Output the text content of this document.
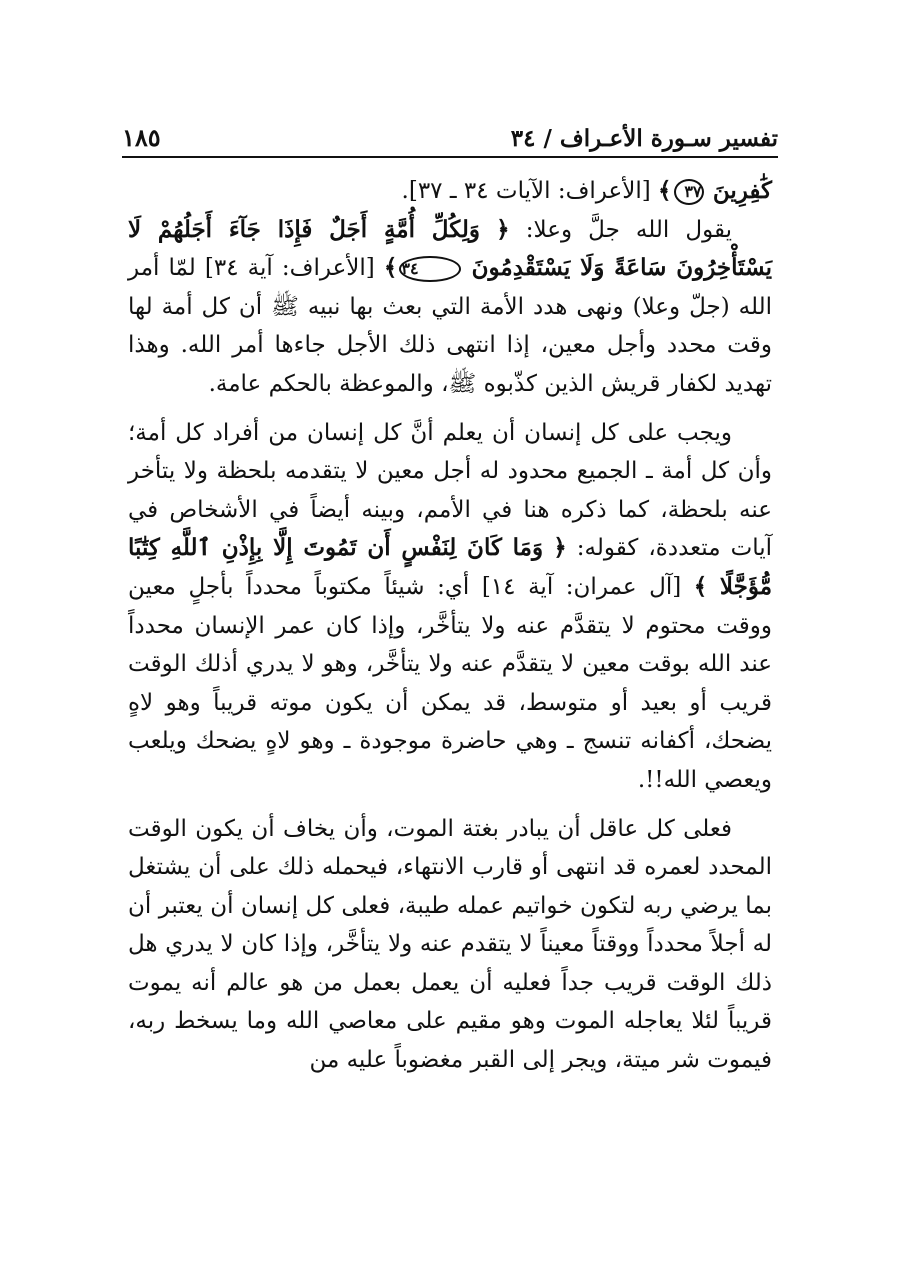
تفسير سـورة الأعـراف / ٣٤
١٨٥

كَٰفِرِينَ ٣٧﴾ [الأعراف: الآيات ٣٤ ـ ٣٧].

يقول الله جلَّ وعلا: ﴿ وَلِكُلِّ أُمَّةٍ أَجَلٌ فَإِذَا جَآءَ أَجَلُهُمْ لَا يَسْتَأْخِرُونَ سَاعَةً وَلَا يَسْتَقْدِمُونَ ٣٤﴾ [الأعراف: آية ٣٤] لمّا أمر الله (جلّ وعلا) ونهى هدد الأمة التي بعث بها نبيه ﷺ أن كل أمة لها وقت محدد وأجل معين، إذا انتهى ذلك الأجل جاءها أمر الله. وهذا تهديد لكفار قريش الذين كذّبوه ﷺ، والموعظة بالحكم عامة.

ويجب على كل إنسان أن يعلم أنَّ كل إنسان من أفراد كل أمة؛ وأن كل أمة ـ الجميع محدود له أجل معين لا يتقدمه بلحظة ولا يتأخر عنه بلحظة، كما ذكره هنا في الأمم، وبينه أيضاً في الأشخاص في آيات متعددة، كقوله: ﴿ وَمَا كَانَ لِنَفْسٍ أَن تَمُوتَ إِلَّا بِإِذْنِ ٱللَّهِ كِتَٰبًا مُّؤَجَّلًا ﴾ [آل عمران: آية ١٤] أي: شيئاً مكتوباً محدداً بأجلٍ معين ووقت محتوم لا يتقدَّم عنه ولا يتأخَّر، وإذا كان عمر الإنسان محدداً عند الله بوقت معين لا يتقدَّم عنه ولا يتأخَّر، وهو لا يدري أذلك الوقت قريب أو بعيد أو متوسط، قد يمكن أن يكون موته قريباً وهو لاهٍ يضحك، أكفانه تنسج ـ وهي حاضرة موجودة ـ وهو لاهٍ يضحك ويلعب ويعصي الله!!.

فعلى كل عاقل أن يبادر بغتة الموت، وأن يخاف أن يكون الوقت المحدد لعمره قد انتهى أو قارب الانتهاء، فيحمله ذلك على أن يشتغل بما يرضي ربه لتكون خواتيم عمله طيبة، فعلى كل إنسان أن يعتبر أن له أجلاً محدداً ووقتاً معيناً لا يتقدم عنه ولا يتأخَّر، وإذا كان لا يدري هل ذلك الوقت قريب جداً فعليه أن يعمل بعمل من هو عالم أنه يموت قريباً لئلا يعاجله الموت وهو مقيم على معاصي الله وما يسخط ربه، فيموت شر ميتة، ويجر إلى القبر مغضوباً عليه من
